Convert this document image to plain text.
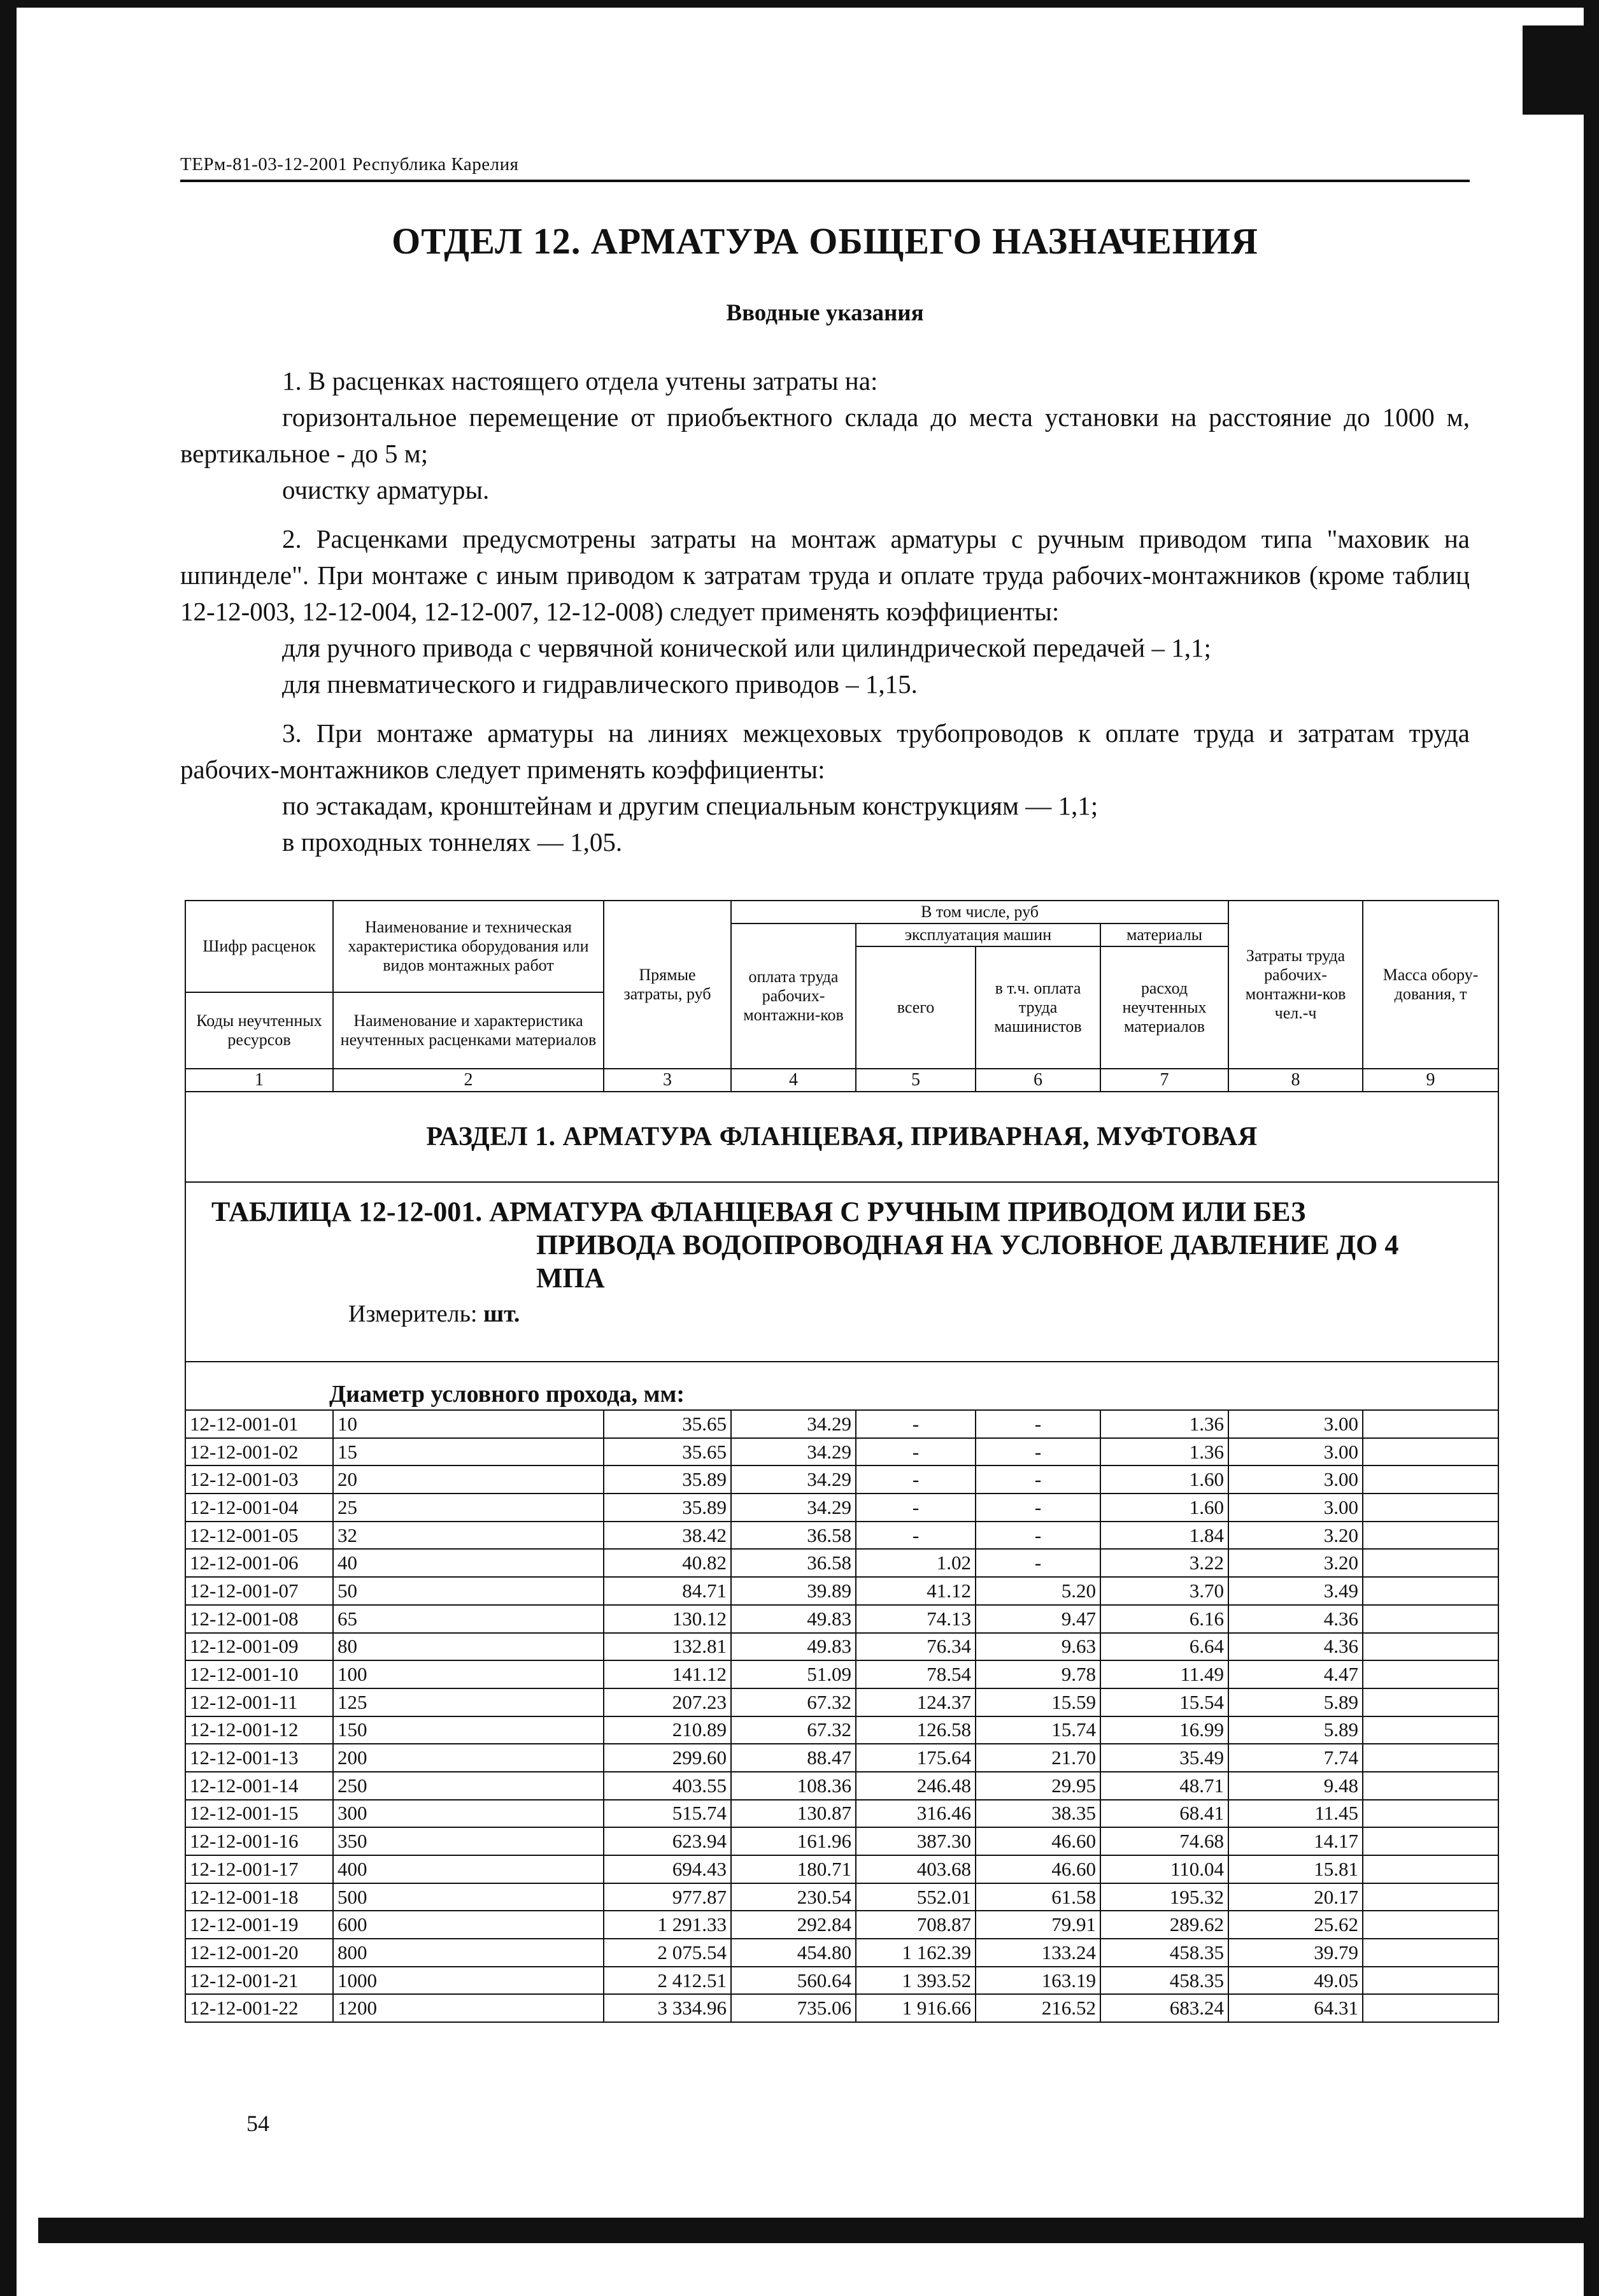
ТЕРм-81-03-12-2001 Республика Карелия
ОТДЕЛ 12. АРМАТУРА ОБЩЕГО НАЗНАЧЕНИЯ
Вводные указания

1. В расценках настоящего отдела учтены затраты на:
горизонтальное перемещение от приобъектного склада до места установки на расстояние до 1000 м, вертикальное - до 5 м;
очистку арматуры.

2. Расценками предусмотрены затраты на монтаж арматуры с ручным приводом типа "маховик на шпинделе". При монтаже с иным приводом к затратам труда и оплате труда рабочих-монтажников (кроме таблиц 12-12-003, 12-12-004, 12-12-007, 12-12-008) следует применять коэффициенты:
для ручного привода с червячной конической или цилиндрической передачей – 1,1;
для пневматического и гидравлического приводов – 1,15.

3. При монтаже арматуры на линиях межцеховых трубопроводов к оплате труда и затратам труда рабочих-монтажников следует применять коэффициенты:
по эстакадам, кронштейнам и другим специальным конструкциям — 1,1;
в проходных тоннелях — 1,05.

Шифр расценок	Наименование и техническая характеристика оборудования или видов монтажных работ	Прямые затраты, руб	В том числе, руб				Затраты труда рабочих-монтажни-ков чел.-ч	Масса обору-дования, т
			оплата труда рабочих-монтажни-ков	эксплуатация машин		материалы		
				всего	в т.ч. оплата труда машинистов	расход неучтенных материалов		
Коды неучтенных ресурсов	Наименование и характеристика неучтенных расценками материалов							

1	2	3	4	5	6	7	8	9
РАЗДЕЛ 1. АРМАТУРА ФЛАНЦЕВАЯ, ПРИВАРНАЯ, МУФТОВАЯ								

ТАБЛИЦА 12-12-001. АРМАТУРА ФЛАНЦЕВАЯ С РУЧНЫМ ПРИВОДОМ ИЛИ БЕЗ
ПРИВОДА ВОДОПРОВОДНАЯ НА УСЛОВНОЕ ДАВЛЕНИЕ ДО 4
МПА
Измеритель: шт.								

Диаметр условного прохода, мм:								
12-12-001-01	10	35.65	34.29	-	-	1.36	3.00	
12-12-001-02	15	35.65	34.29	-	-	1.36	3.00	
12-12-001-03	20	35.89	34.29	-	-	1.60	3.00	
12-12-001-04	25	35.89	34.29	-	-	1.60	3.00	
12-12-001-05	32	38.42	36.58	-	-	1.84	3.20	
12-12-001-06	40	40.82	36.58	1.02	-	3.22	3.20	
12-12-001-07	50	84.71	39.89	41.12	5.20	3.70	3.49	
12-12-001-08	65	130.12	49.83	74.13	9.47	6.16	4.36	
12-12-001-09	80	132.81	49.83	76.34	9.63	6.64	4.36	
12-12-001-10	100	141.12	51.09	78.54	9.78	11.49	4.47	
12-12-001-11	125	207.23	67.32	124.37	15.59	15.54	5.89	
12-12-001-12	150	210.89	67.32	126.58	15.74	16.99	5.89	
12-12-001-13	200	299.60	88.47	175.64	21.70	35.49	7.74	
12-12-001-14	250	403.55	108.36	246.48	29.95	48.71	9.48	
12-12-001-15	300	515.74	130.87	316.46	38.35	68.41	11.45	
12-12-001-16	350	623.94	161.96	387.30	46.60	74.68	14.17	
12-12-001-17	400	694.43	180.71	403.68	46.60	110.04	15.81	
12-12-001-18	500	977.87	230.54	552.01	61.58	195.32	20.17	
12-12-001-19	600	1 291.33	292.84	708.87	79.91	289.62	25.62	
12-12-001-20	800	2 075.54	454.80	1 162.39	133.24	458.35	39.79	
12-12-001-21	1000	2 412.51	560.64	1 393.52	163.19	458.35	49.05	
12-12-001-22	1200	3 334.96	735.06	1 916.66	216.52	683.24	64.31	
54
